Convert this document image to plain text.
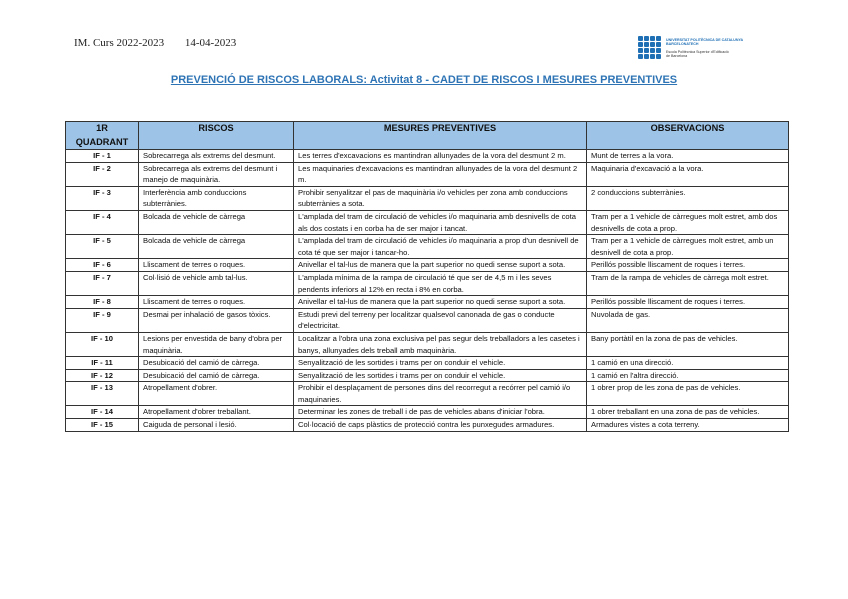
IM. Curs 2022-2023 14-04-2023	UNIVERSITAT POLITÈCNICA DE CATALUNYA
BARCELONATECH
Escola Politècnica Superior d'Edificació
de Barcelona
PREVENCIÓ DE RISCOS LABORALS: Activitat 8 - CADET DE RISCOS I MESURES PREVENTIVES
1R QUADRANT	RISCOS	MESURES PREVENTIVES	OBSERVACIONS
IF - 1	Sobrecarrega als extrems del desmunt.	Les terres d'excavacions es mantindran allunyades de la vora del desmunt 2 m.	Munt de terres a la vora.
IF - 2	Sobrecarrega als extrems del desmunt i manejo de maquinària.	Les maquinaries d'excavacions es mantindran allunyades de la vora del desmunt 2 m.	Maquinaria d'excavació a la vora.
IF - 3	Interferència amb conduccions subterrànies.	Prohibir senyalitzar el pas de maquinària i/o vehicles per zona amb conduccions subterrànies a sota.	2 conduccions subterrànies.
IF - 4	Bolcada de vehicle de càrrega	L'amplada del tram de circulació de vehicles i/o maquinaria amb desnivells de cota als dos costats i en corba ha de ser major i tancat.	Tram per a 1 vehicle de càrregues molt estret, amb dos desnivells de cota a prop.
IF - 5	Bolcada de vehicle de càrrega	L'amplada del tram de circulació de vehicles i/o maquinaria a prop d'un desnivell de cota té que ser major i tancar-ho.	Tram per a 1 vehicle de càrregues molt estret, amb un desnivell de cota a prop.
IF - 6	Lliscament de terres o roques.	Anivellar el tal-lus de manera que la part superior no quedi sense suport a sota.	Perillós possible lliscament de roques i terres.
IF - 7	Col·lisió de vehicle amb tal-lus.	L'amplada mínima de la rampa de circulació té que ser de 4,5 m i les seves pendents inferiors al 12% en recta i 8% en corba.	Tram de la rampa de vehicles de càrrega molt estret.
IF - 8	Lliscament de terres o roques.	Anivellar el tal-lus de manera que la part superior no quedi sense suport a sota.	Perillós possible lliscament de roques i terres.
IF - 9	Desmai per inhalació de gasos tòxics.	Estudi previ del terreny per localitzar qualsevol canonada de gas o conducte d'electricitat.	Nuvolada de gas.
IF - 10	Lesions per envestida de bany d'obra per maquinària.	Localitzar a l'obra una zona exclusiva pel pas segur dels treballadors a les casetes i banys, allunyades dels treball amb maquinària.	Bany portàtil en la zona de pas de vehicles.
IF - 11	Desubicació del camió de càrrega.	Senyalització de les sortides i trams per on conduir el vehicle.	1 camió en una direcció.
IF - 12	Desubicació del camió de càrrega.	Senyalització de les sortides i trams per on conduir el vehicle.	1 camió en l'altra direcció.
IF - 13	Atropellament d'obrer.	Prohibir el desplaçament de persones dins del recorregut a recórrer pel camió i/o maquinaries.	1 obrer prop de les zona de pas de vehicles.
IF - 14	Atropellament d'obrer treballant.	Determinar les zones de treball i de pas de vehicles abans d'iniciar l'obra.	1 obrer treballant en una zona de pas de vehicles.
IF - 15	Caiguda de personal i lesió.	Col·locació de caps plàstics de protecció contra les punxegudes armadures.	Armadures vistes a cota terreny.
